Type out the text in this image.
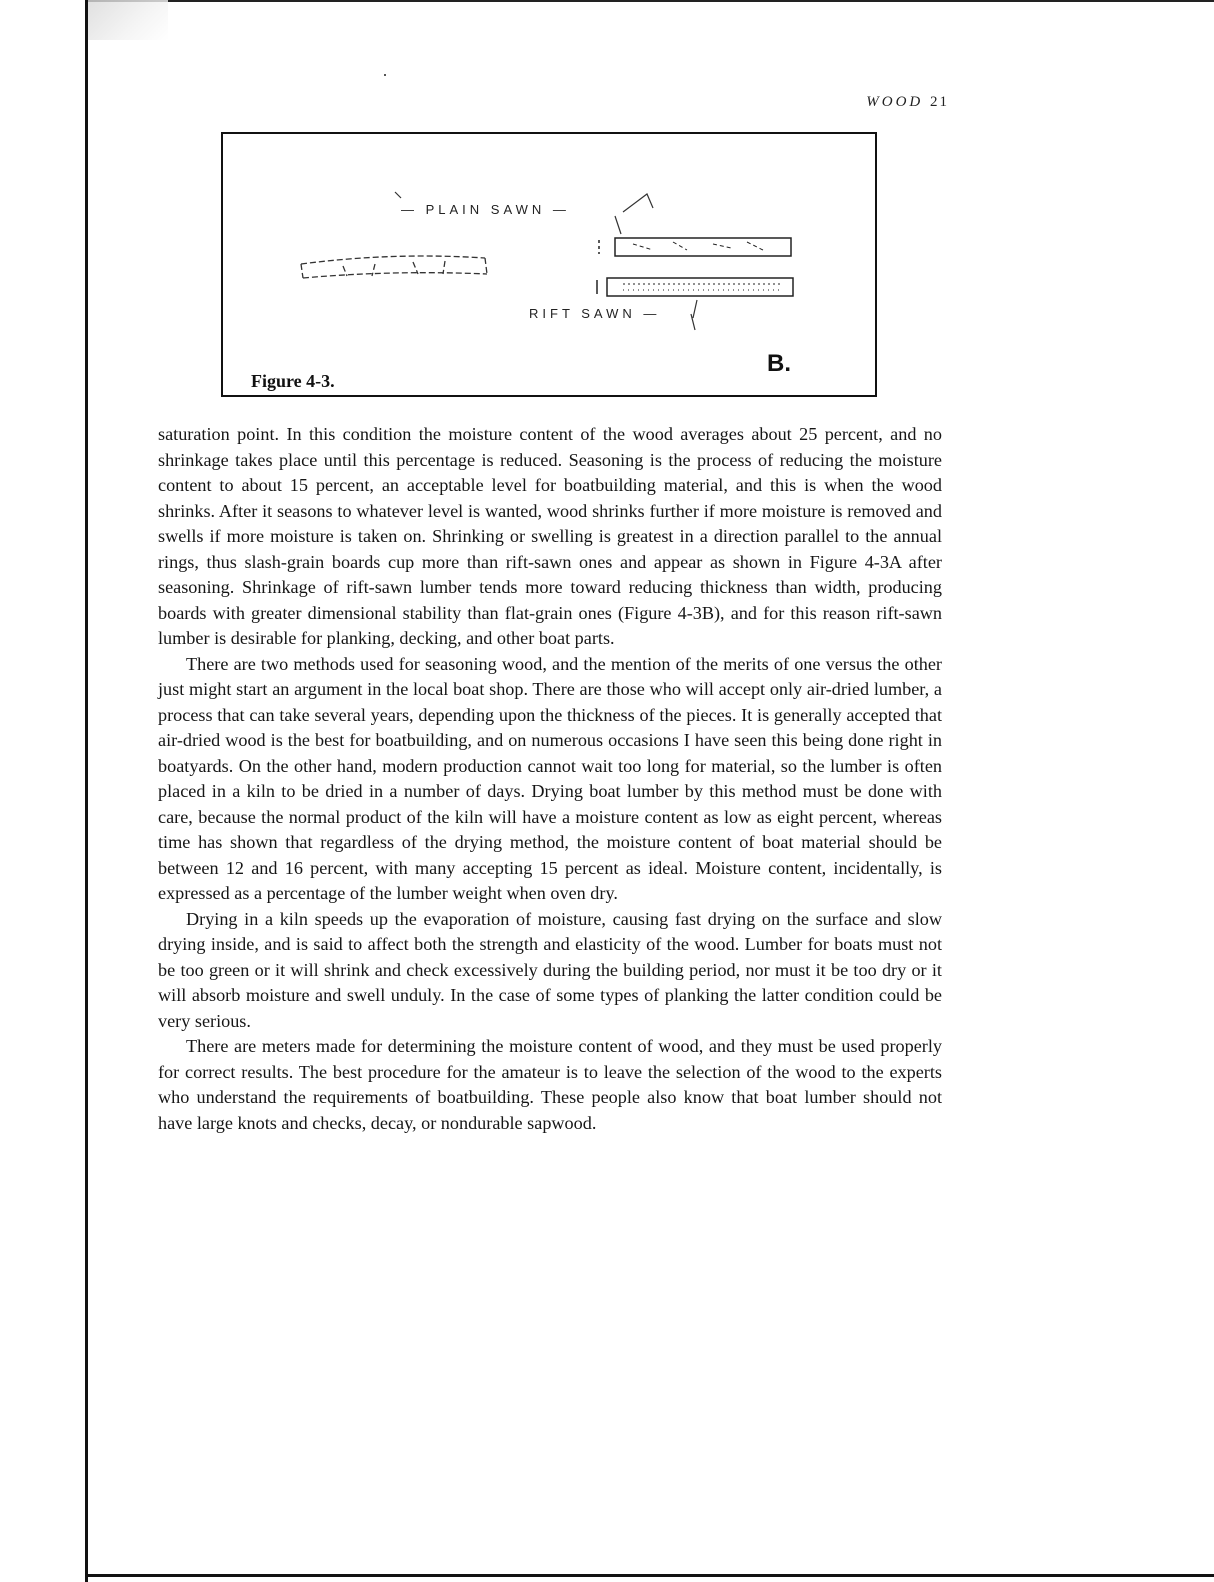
WOOD 21
— PLAIN SAWN —
RIFT SAWN —
B.
Figure 4-3.

saturation point. In this condition the moisture content of the wood averages about 25 percent, and no shrinkage takes place until this percentage is reduced. Seasoning is the process of reducing the moisture content to about 15 percent, an acceptable level for boatbuilding material, and this is when the wood shrinks. After it seasons to whatever level is wanted, wood shrinks further if more moisture is removed and swells if more moisture is taken on. Shrinking or swelling is greatest in a direction parallel to the annual rings, thus slash-grain boards cup more than rift-sawn ones and appear as shown in Figure 4-3A after seasoning. Shrinkage of rift-sawn lumber tends more toward reducing thickness than width, producing boards with greater dimensional stability than flat-grain ones (Figure 4-3B), and for this reason rift-sawn lumber is desirable for planking, decking, and other boat parts.

There are two methods used for seasoning wood, and the mention of the merits of one versus the other just might start an argument in the local boat shop. There are those who will accept only air-dried lumber, a process that can take several years, depending upon the thickness of the pieces. It is generally accepted that air-dried wood is the best for boatbuilding, and on numerous occasions I have seen this being done right in boatyards. On the other hand, modern production cannot wait too long for material, so the lumber is often placed in a kiln to be dried in a number of days. Drying boat lumber by this method must be done with care, because the normal product of the kiln will have a moisture content as low as eight percent, whereas time has shown that regardless of the drying method, the moisture content of boat material should be between 12 and 16 percent, with many accepting 15 percent as ideal. Moisture content, incidentally, is expressed as a percentage of the lumber weight when oven dry.

Drying in a kiln speeds up the evaporation of moisture, causing fast drying on the surface and slow drying inside, and is said to affect both the strength and elasticity of the wood. Lumber for boats must not be too green or it will shrink and check excessively during the building period, nor must it be too dry or it will absorb moisture and swell unduly. In the case of some types of planking the latter condition could be very serious.

There are meters made for determining the moisture content of wood, and they must be used properly for correct results. The best procedure for the amateur is to leave the selection of the wood to the experts who understand the requirements of boatbuilding. These people also know that boat lumber should not have large knots and checks, decay, or nondurable sapwood.
